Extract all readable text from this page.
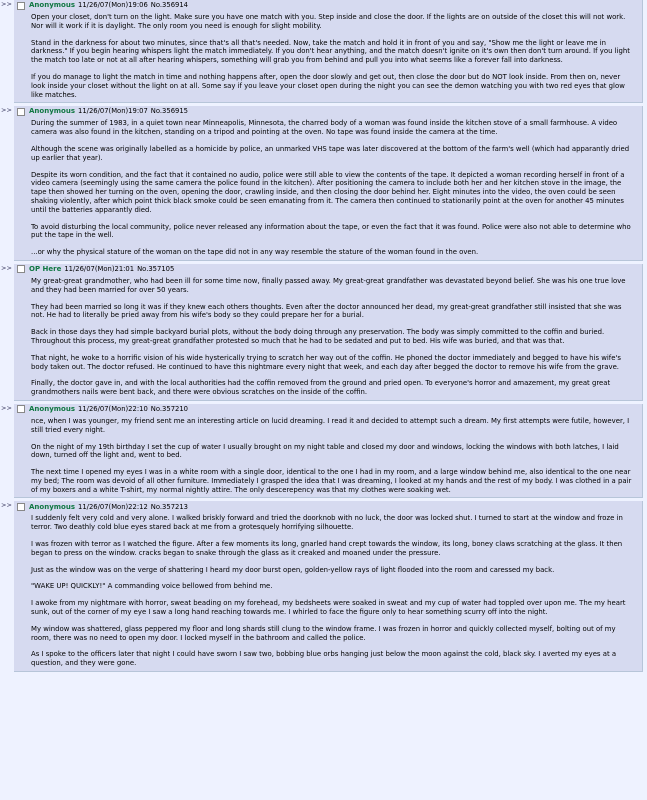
>> Anonymous 11/26/07(Mon)19:06 No.356914

Open your closet, don't turn on the light. Make sure you have one match with you. Step inside and close the door. If the lights are on outside of the closet this will not work. Nor will it work if it is daylight. The only room you need is enough for slight mobility.

Stand in the darkness for about two minutes, since that's all that's needed. Now, take the match and hold it in front of you and say, "Show me the light or leave me in darkness." If you begin hearing whispers light the match immediately. If you don't hear anything, and the match doesn't ignite on it's own then don't turn around. If you light the match too late or not at all after hearing whispers, something will grab you from behind and pull you into what seems like a forever fall into darkness.

If you do manage to light the match in time and nothing happens after, open the door slowly and get out, then close the door but do NOT look inside. From then on, never look inside your closet without the light on at all. Some say if you leave your closet open during the night you can see the demon watching you with two red eyes that glow like matches.

>> Anonymous 11/26/07(Mon)19:07 No.356915

During the summer of 1983, in a quiet town near Minneapolis, Minnesota, the charred body of a woman was found inside the kitchen stove of a small farmhouse. A video camera was also found in the kitchen, standing on a tripod and pointing at the oven. No tape was found inside the camera at the time.

Although the scene was originally labelled as a homicide by police, an unmarked VHS tape was later discovered at the bottom of the farm's well (which had apparantly dried up earlier that year).

Despite its worn condition, and the fact that it contained no audio, police were still able to view the contents of the tape. It depicted a woman recording herself in front of a video camera (seemingly using the same camera the police found in the kitchen). After positioning the camera to include both her and her kitchen stove in the image, the tape then showed her turning on the oven, opening the door, crawling inside, and then closing the door behind her. Eight minutes into the video, the oven could be seen shaking violently, after which point thick black smoke could be seen emanating from it. The camera then continued to stationarily point at the oven for another 45 minutes until the batteries apparantly died.

To avoid disturbing the local community, police never released any information about the tape, or even the fact that it was found. Police were also not able to determine who put the tape in the well.

...or why the physical stature of the woman on the tape did not in any way resemble the stature of the woman found in the oven.

>> OP Here 11/26/07(Mon)21:01 No.357105

My great-great grandmother, who had been ill for some time now, finally passed away. My great-great grandfather was devastated beyond belief. She was his one true love and they had been married for over 50 years.

They had been married so long it was if they knew each others thoughts. Even after the doctor announced her dead, my great-great grandfather still insisted that she was not. He had to literally be pried away from his wife's body so they could prepare her for a burial.

Back in those days they had simple backyard burial plots, without the body doing through any preservation. The body was simply committed to the coffin and buried. Throughout this process, my great-great grandfather protested so much that he had to be sedated and put to bed. His wife was buried, and that was that.

That night, he woke to a horrific vision of his wide hysterically trying to scratch her way out of the coffin. He phoned the doctor immediately and begged to have his wife's body taken out. The doctor refused. He continued to have this nightmare every night that week, and each day after begged the doctor to remove his wife from the grave.

Finally, the doctor gave in, and with the local authorities had the coffin removed from the ground and pried open. To everyone's horror and amazement, my great great grandmothers nails were bent back, and there were obvious scratches on the inside of the coffin.

>> Anonymous 11/26/07(Mon)22:10 No.357210

nce, when I was younger, my friend sent me an interesting article on lucid dreaming. I read it and decided to attempt such a dream. My first attempts were futile, however, I still tried every night.

On the night of my 19th birthday I set the cup of water I usually brought on my night table and closed my door and windows, locking the windows with both latches, I laid down, turned off the light and, went to bed.

The next time I opened my eyes I was in a white room with a single door, identical to the one I had in my room, and a large window behind me, also identical to the one near my bed; The room was devoid of all other furniture. Immediately I grasped the idea that I was dreaming, I looked at my hands and the rest of my body. I was clothed in a pair of my boxers and a white T-shirt, my normal nightly attire. The only descerepency was that my clothes were soaking wet.

>> Anonymous 11/26/07(Mon)22:12 No.357213

I suddenly felt very cold and very alone. I walked briskly forward and tried the doorknob with no luck, the door was locked shut. I turned to start at the window and froze in terror. Two deathly cold blue eyes stared back at me from a grotesquely horrifying silhouette.

I was frozen with terror as I watched the figure. After a few moments its long, gnarled hand crept towards the window, its long, boney claws scratching at the glass. It then began to press on the window. cracks began to snake through the glass as it creaked and moaned under the pressure.

Just as the window was on the verge of shattering I heard my door burst open, golden-yellow rays of light flooded into the room and caressed my back.

"WAKE UP! QUICKLY!" A commanding voice bellowed from behind me.

I awoke from my nightmare with horror, sweat beading on my forehead, my bedsheets were soaked in sweat and my cup of water had toppled over upon me. The my heart sunk, out of the corner of my eye I saw a long hand reaching towards me. I whirled to face the figure only to hear something scurry off into the night.

My window was shattered, glass peppered my floor and long shards still clung to the window frame. I was frozen in horror and quickly collected myself, bolting out of my room, there was no need to open my door. I locked myself in the bathroom and called the police.

As I spoke to the officers later that night I could have sworn I saw two, bobbing blue orbs hanging just below the moon against the cold, black sky. I averted my eyes at a question, and they were gone.
